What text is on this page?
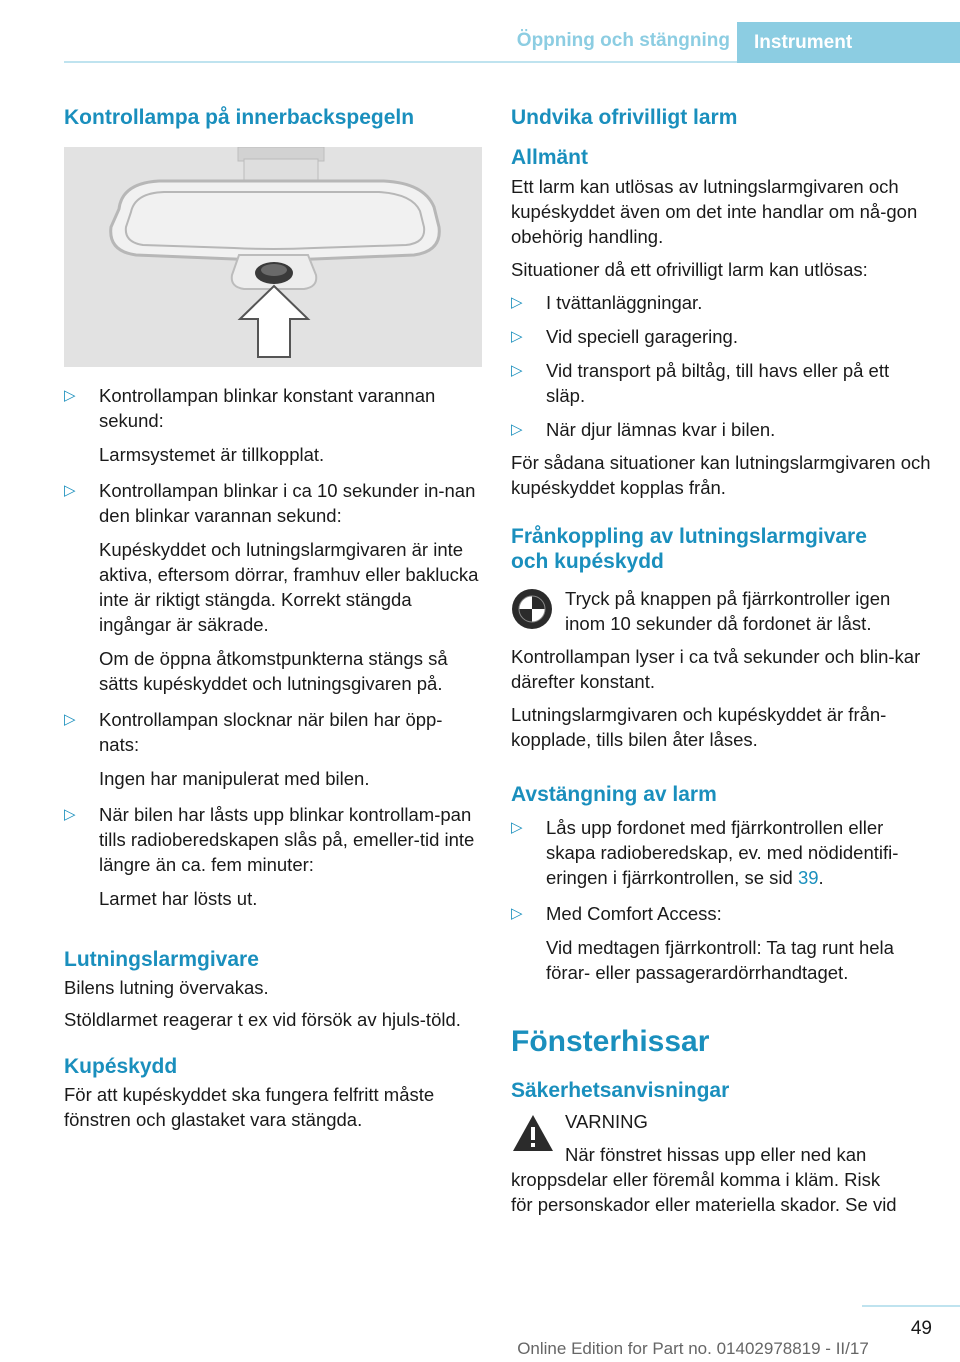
Öppning och stängning	Instrument
Kontrollampa på innerbackspegeln
▷ Kontrollampan blinkar konstant varannan sekund:
Larmsystemet är tillkopplat.
▷ Kontrollampan blinkar i ca 10 sekunder in‐nan den blinkar varannan sekund:
Kupéskyddet och lutningslarmgivaren är inte aktiva, eftersom dörrar, framhuv eller baklucka inte är riktigt stängda. Korrekt stängda ingångar är säkrade.
Om de öppna åtkomstpunkterna stängs så sätts kupéskyddet och lutningsgivaren på.
▷ Kontrollampan slocknar när bilen har öpp‐nats:
Ingen har manipulerat med bilen.
▷ När bilen har låsts upp blinkar kontrollam‐pan tills radioberedskapen slås på, emeller‐tid inte längre än ca. fem minuter:
Larmet har lösts ut.
Lutningslarmgivare

Bilens lutning övervakas.

Stöldlarmet reagerar t ex vid försök av hjuls‐töld.

Kupéskydd

För att kupéskyddet ska fungera felfritt måste fönstren och glastaket vara stängda.

Undvika ofrivilligt larm
Allmänt

Ett larm kan utlösas av lutningslarmgivaren och kupéskyddet även om det inte handlar om nå‐gon obehörig handling.

Situationer då ett ofrivilligt larm kan utlösas:

▷ I tvättanläggningar.
▷ Vid speciell garagering.
▷ Vid transport på biltåg, till havs eller på ett släp.
▷ När djur lämnas kvar i bilen.

För sådana situationer kan lutningslarmgivaren och kupéskyddet kopplas från.

Frånkoppling av lutningslarmgivare
och kupéskydd

Tryck på knappen på fjärrkontroller igen inom 10 sekunder då fordonet är låst.

Kontrollampan lyser i ca två sekunder och blin‐kar därefter konstant.

Lutningslarmgivaren och kupéskyddet är från‐kopplade, tills bilen åter låses.

Avstängning av larm
▷ Lås upp fordonet med fjärrkontrollen eller skapa radioberedskap, ev. med nödidentifi‐eringen i fjärrkontrollen, se sid 39.
▷ Med Comfort Access:
Vid medtagen fjärrkontroll: Ta tag runt hela förar- eller passagerardörrhandtaget.
Fönsterhissar
Säkerhetsanvisningar

VARNING

När fönstret hissas upp eller ned kan

kroppsdelar eller föremål komma i kläm. Risk

för personskador eller materiella skador. Se vid

49
Online Edition for Part no. 01402978819 - II/17
